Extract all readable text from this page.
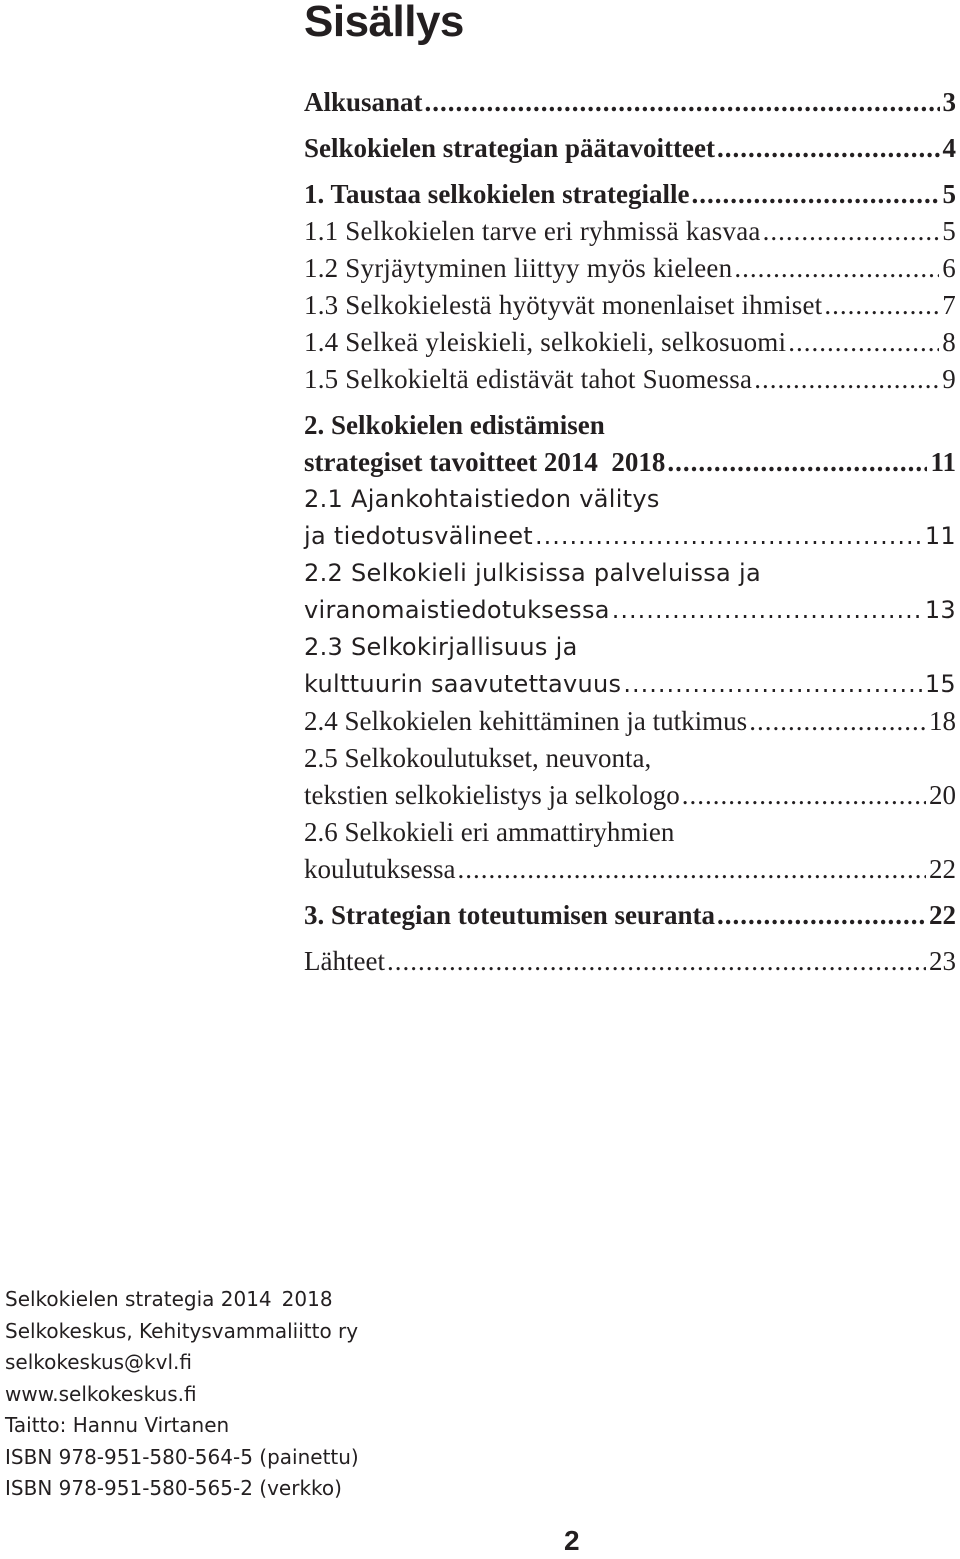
Sisällys
Alkusanat .....	3
Selkokielen strategian päätavoitteet .....	4
1. Taustaa selkokielen strategialle .....	5
1.1 Selkokielen tarve eri ryhmissä kasvaa .....	5
1.2 Syrjäytyminen liittyy myös kieleen .....	6
1.3 Selkokielestä hyötyvät monenlaiset ihmiset .....	7
1.4 Selkeä yleiskieli, selkokieli, selkosuomi .....	8
1.5 Selkokieltä edistävät tahot Suomessa .....	9
2. Selkokielen edistämisen
strategiset tavoitteet 2014 2018 .....	11
2.1 Ajankohtaistiedon välitys
ja tiedotusvälineet .....	11
2.2 Selkokieli julkisissa palveluissa ja
viranomaistiedotuksessa .....	13
2.3 Selkokirjallisuus ja
kulttuurin saavutettavuus .....	15
2.4 Selkokielen kehittäminen ja tutkimus .....	18
2.5 Selkokoulutukset, neuvonta,
tekstien selkokielistys ja selkologo .....	20
2.6 Selkokieli eri ammattiryhmien
koulutuksessa .....	22
3. Strategian toteutumisen seuranta .....	22
Lähteet .....	23
Selkokielen strategia 2014 2018
Selkokeskus, Kehitysvammaliitto ry
selkokeskus@kvl.fi
www.selkokeskus.fi
Taitto: Hannu Virtanen
ISBN 978-951-580-564-5 (painettu)
ISBN 978-951-580-565-2 (verkko)
2
